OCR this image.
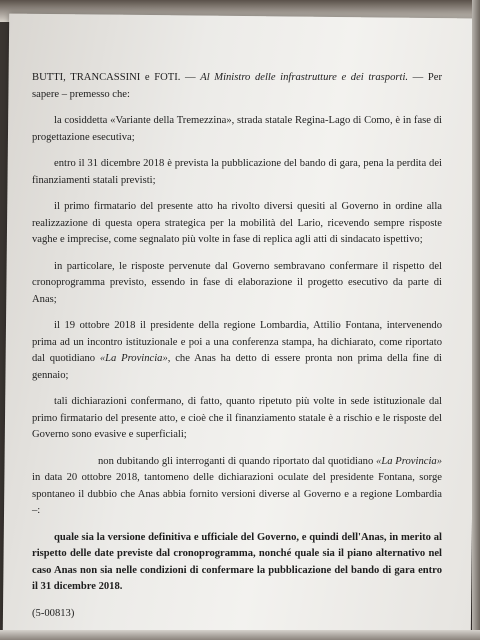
BUTTI, TRANCASSINI e FOTI. — Al Ministro delle infrastrutture e dei trasporti. — Per sapere – premesso che:

la cosiddetta «Variante della Tremezzina», strada statale Regina-Lago di Como, è in fase di progettazione esecutiva;

entro il 31 dicembre 2018 è prevista la pubblicazione del bando di gara, pena la perdita dei finanziamenti statali previsti;

il primo firmatario del presente atto ha rivolto diversi quesiti al Governo in ordine alla realizzazione di questa opera strategica per la mobilità del Lario, ricevendo sempre risposte vaghe e imprecise, come segnalato più volte in fase di replica agli atti di sindacato ispettivo;

in particolare, le risposte pervenute dal Governo sembravano confermare il rispetto del cronoprogramma previsto, essendo in fase di elaborazione il progetto esecutivo da parte di Anas;

il 19 ottobre 2018 il presidente della regione Lombardia, Attilio Fontana, intervenendo prima ad un incontro istituzionale e poi a una conferenza stampa, ha dichiarato, come riportato dal quotidiano «La Provincia», che Anas ha detto di essere pronta non prima della fine di gennaio;

tali dichiarazioni confermano, di fatto, quanto ripetuto più volte in sede istituzionale dal primo firmatario del presente atto, e cioè che il finanziamento statale è a rischio e le risposte del Governo sono evasive e superficiali;

non dubitando gli interroganti di quando riportato dal quotidiano «La Provincia» in data 20 ottobre 2018, tantomeno delle dichiarazioni oculate del presidente Fontana, sorge spontaneo il dubbio che Anas abbia fornito versioni diverse al Governo e a regione Lombardia –:

quale sia la versione definitiva e ufficiale del Governo, e quindi dell'Anas, in merito al rispetto delle date previste dal cronoprogramma, nonché quale sia il piano alternativo nel caso Anas non sia nelle condizioni di confermare la pubblicazione del bando di gara entro il 31 dicembre 2018.

(5-00813)
